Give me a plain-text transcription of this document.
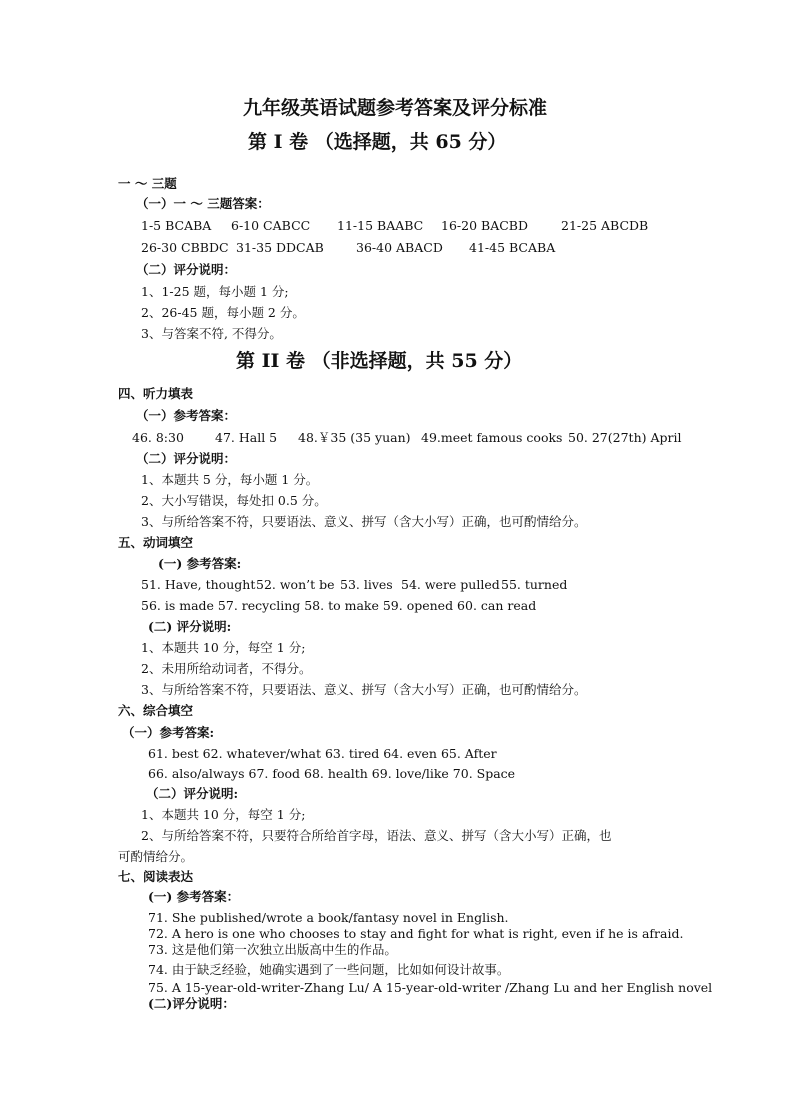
九年级英语试题参考答案及评分标准
第 I 卷 （选择题，共 65 分）
一 ～ 三题
（一）一 ～ 三题答案：
1-5 BCABA 6-10 CABCC 11-15 BAABC 16-20 BACBD	21-25 ABCDB
26-30 CBBDC 31-35 DDCAB	36-40 ABACD 41-45 BCABA
（二）评分说明：
1、1-25 题，每小题 1 分;
2、26-45 题，每小题 2 分。
3、与答案不符, 不得分。
第 II 卷 （非选择题，共 55 分）
四、听力填表
（一）参考答案：
46. 8:30 47. Hall 5 48.￥35 (35 yuan) 49.meet famous cooks 50. 27(27th) April
（二）评分说明：
1、本题共 5 分，每小题 1 分。
2、大小写错误，每处扣 0.5 分。
3、与所给答案不符，只要语法、意义、拼写（含大小写）正确，也可酌情给分。
五、动词填空
(一) 参考答案:
51. Have, thought 52. won’t be 53. lives 54. were pulled 55. turned
56. is made 57. recycling 58. to make 59. opened 60. can read
(二) 评分说明:
1、本题共 10 分，每空 1 分;
2、未用所给动词者，不得分。
3、与所给答案不符，只要语法、意义、拼写（含大小写）正确，也可酌情给分。
六、综合填空
（一）参考答案:
61. best 62. whatever/what 63. tired 64. even 65. After
66. also/always 67. food 68. health 69. love/like 70. Space
（二）评分说明:
1、本题共 10 分，每空 1 分;
2、与所给答案不符，只要符合所给首字母，语法、意义、拼写（含大小写）正确，也
可酌情给分。
七、阅读表达
(一) 参考答案：
71. She published/wrote a book/fantasy novel in English.
72. A hero is one who chooses to stay and fight for what is right, even if he is afraid.
73. 这是他们第一次独立出版高中生的作品。
74. 由于缺乏经验，她确实遇到了一些问题，比如如何设计故事。
75. A 15-year-old-writer-Zhang Lu/ A 15-year-old-writer /Zhang Lu and her English novel
(二)评分说明：
